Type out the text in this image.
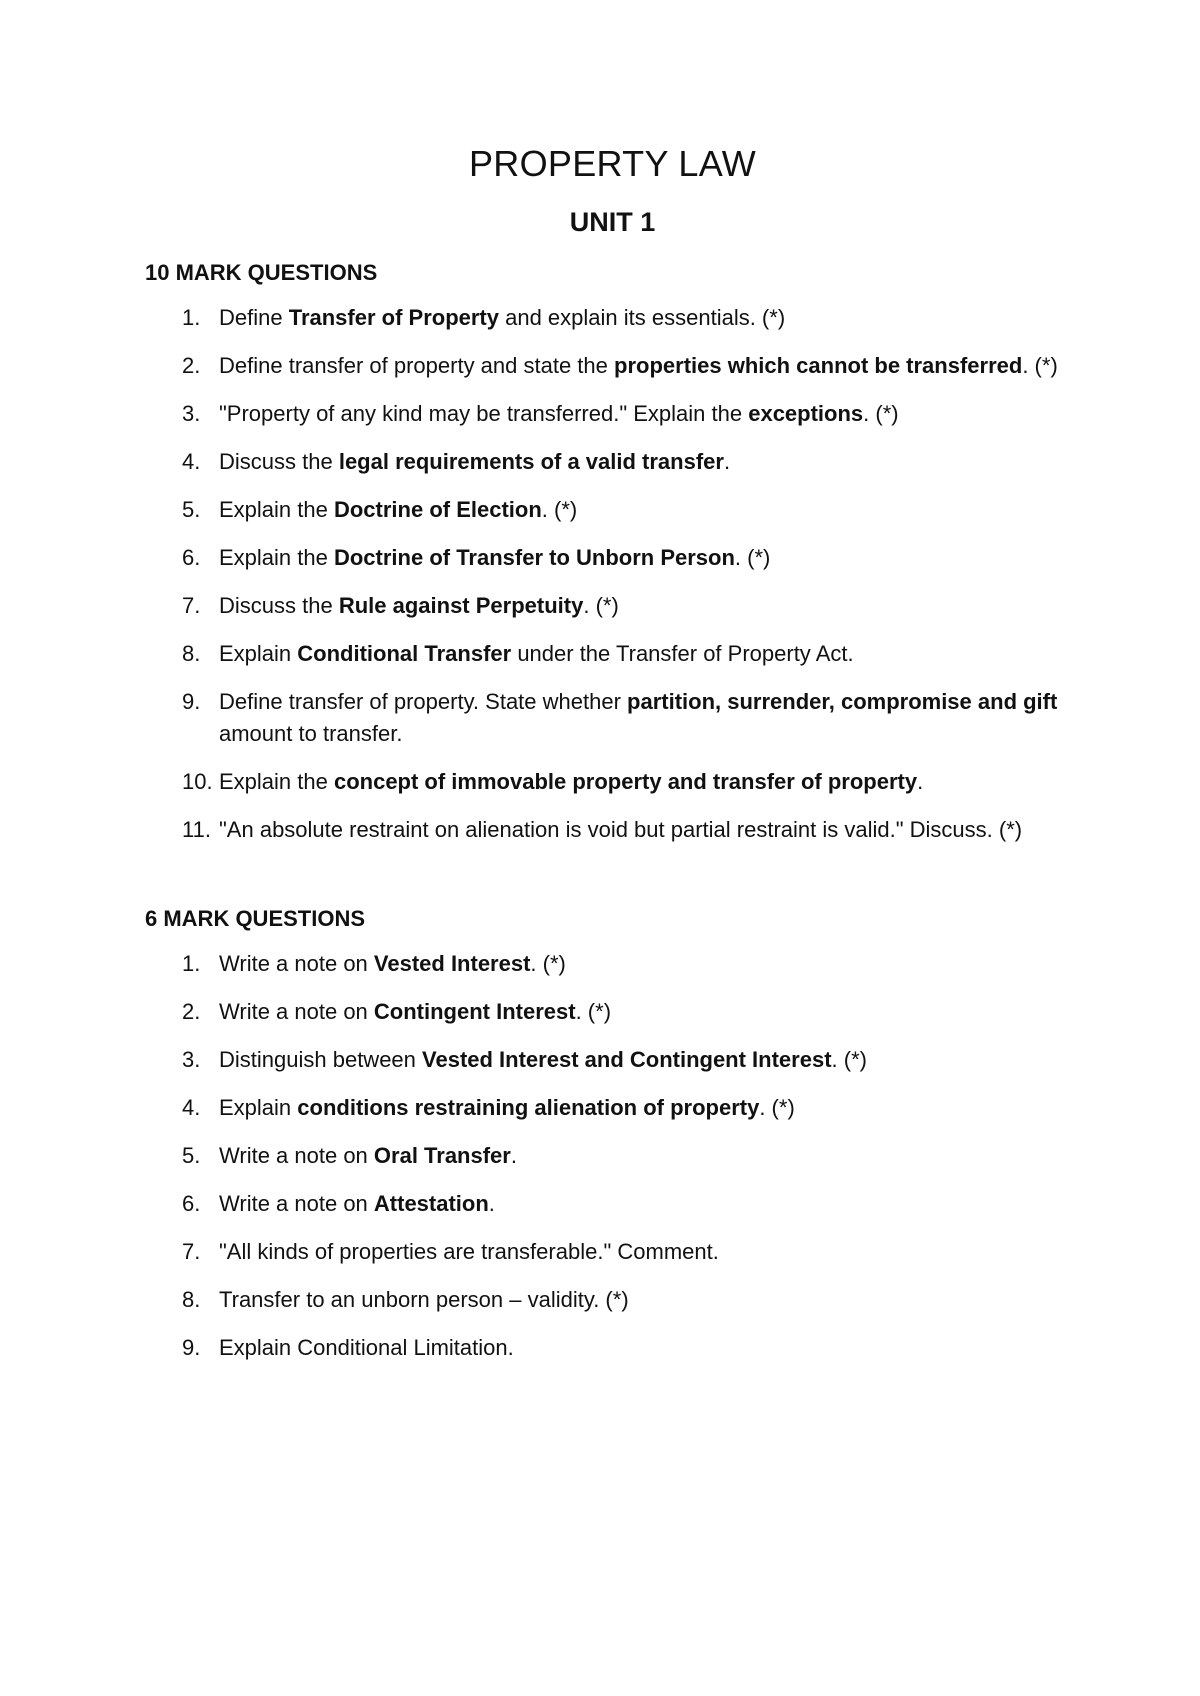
PROPERTY LAW
UNIT 1
10 MARK QUESTIONS
1. Define Transfer of Property and explain its essentials. (*)
2. Define transfer of property and state the properties which cannot be transferred. (*)
3. "Property of any kind may be transferred." Explain the exceptions. (*)
4. Discuss the legal requirements of a valid transfer.
5. Explain the Doctrine of Election. (*)
6. Explain the Doctrine of Transfer to Unborn Person. (*)
7. Discuss the Rule against Perpetuity. (*)
8. Explain Conditional Transfer under the Transfer of Property Act.
9. Define transfer of property. State whether partition, surrender, compromise and gift amount to transfer.
10. Explain the concept of immovable property and transfer of property.
11. "An absolute restraint on alienation is void but partial restraint is valid." Discuss. (*)
6 MARK QUESTIONS
1. Write a note on Vested Interest. (*)
2. Write a note on Contingent Interest. (*)
3. Distinguish between Vested Interest and Contingent Interest. (*)
4. Explain conditions restraining alienation of property. (*)
5. Write a note on Oral Transfer.
6. Write a note on Attestation.
7. "All kinds of properties are transferable." Comment.
8. Transfer to an unborn person – validity. (*)
9. Explain Conditional Limitation.
